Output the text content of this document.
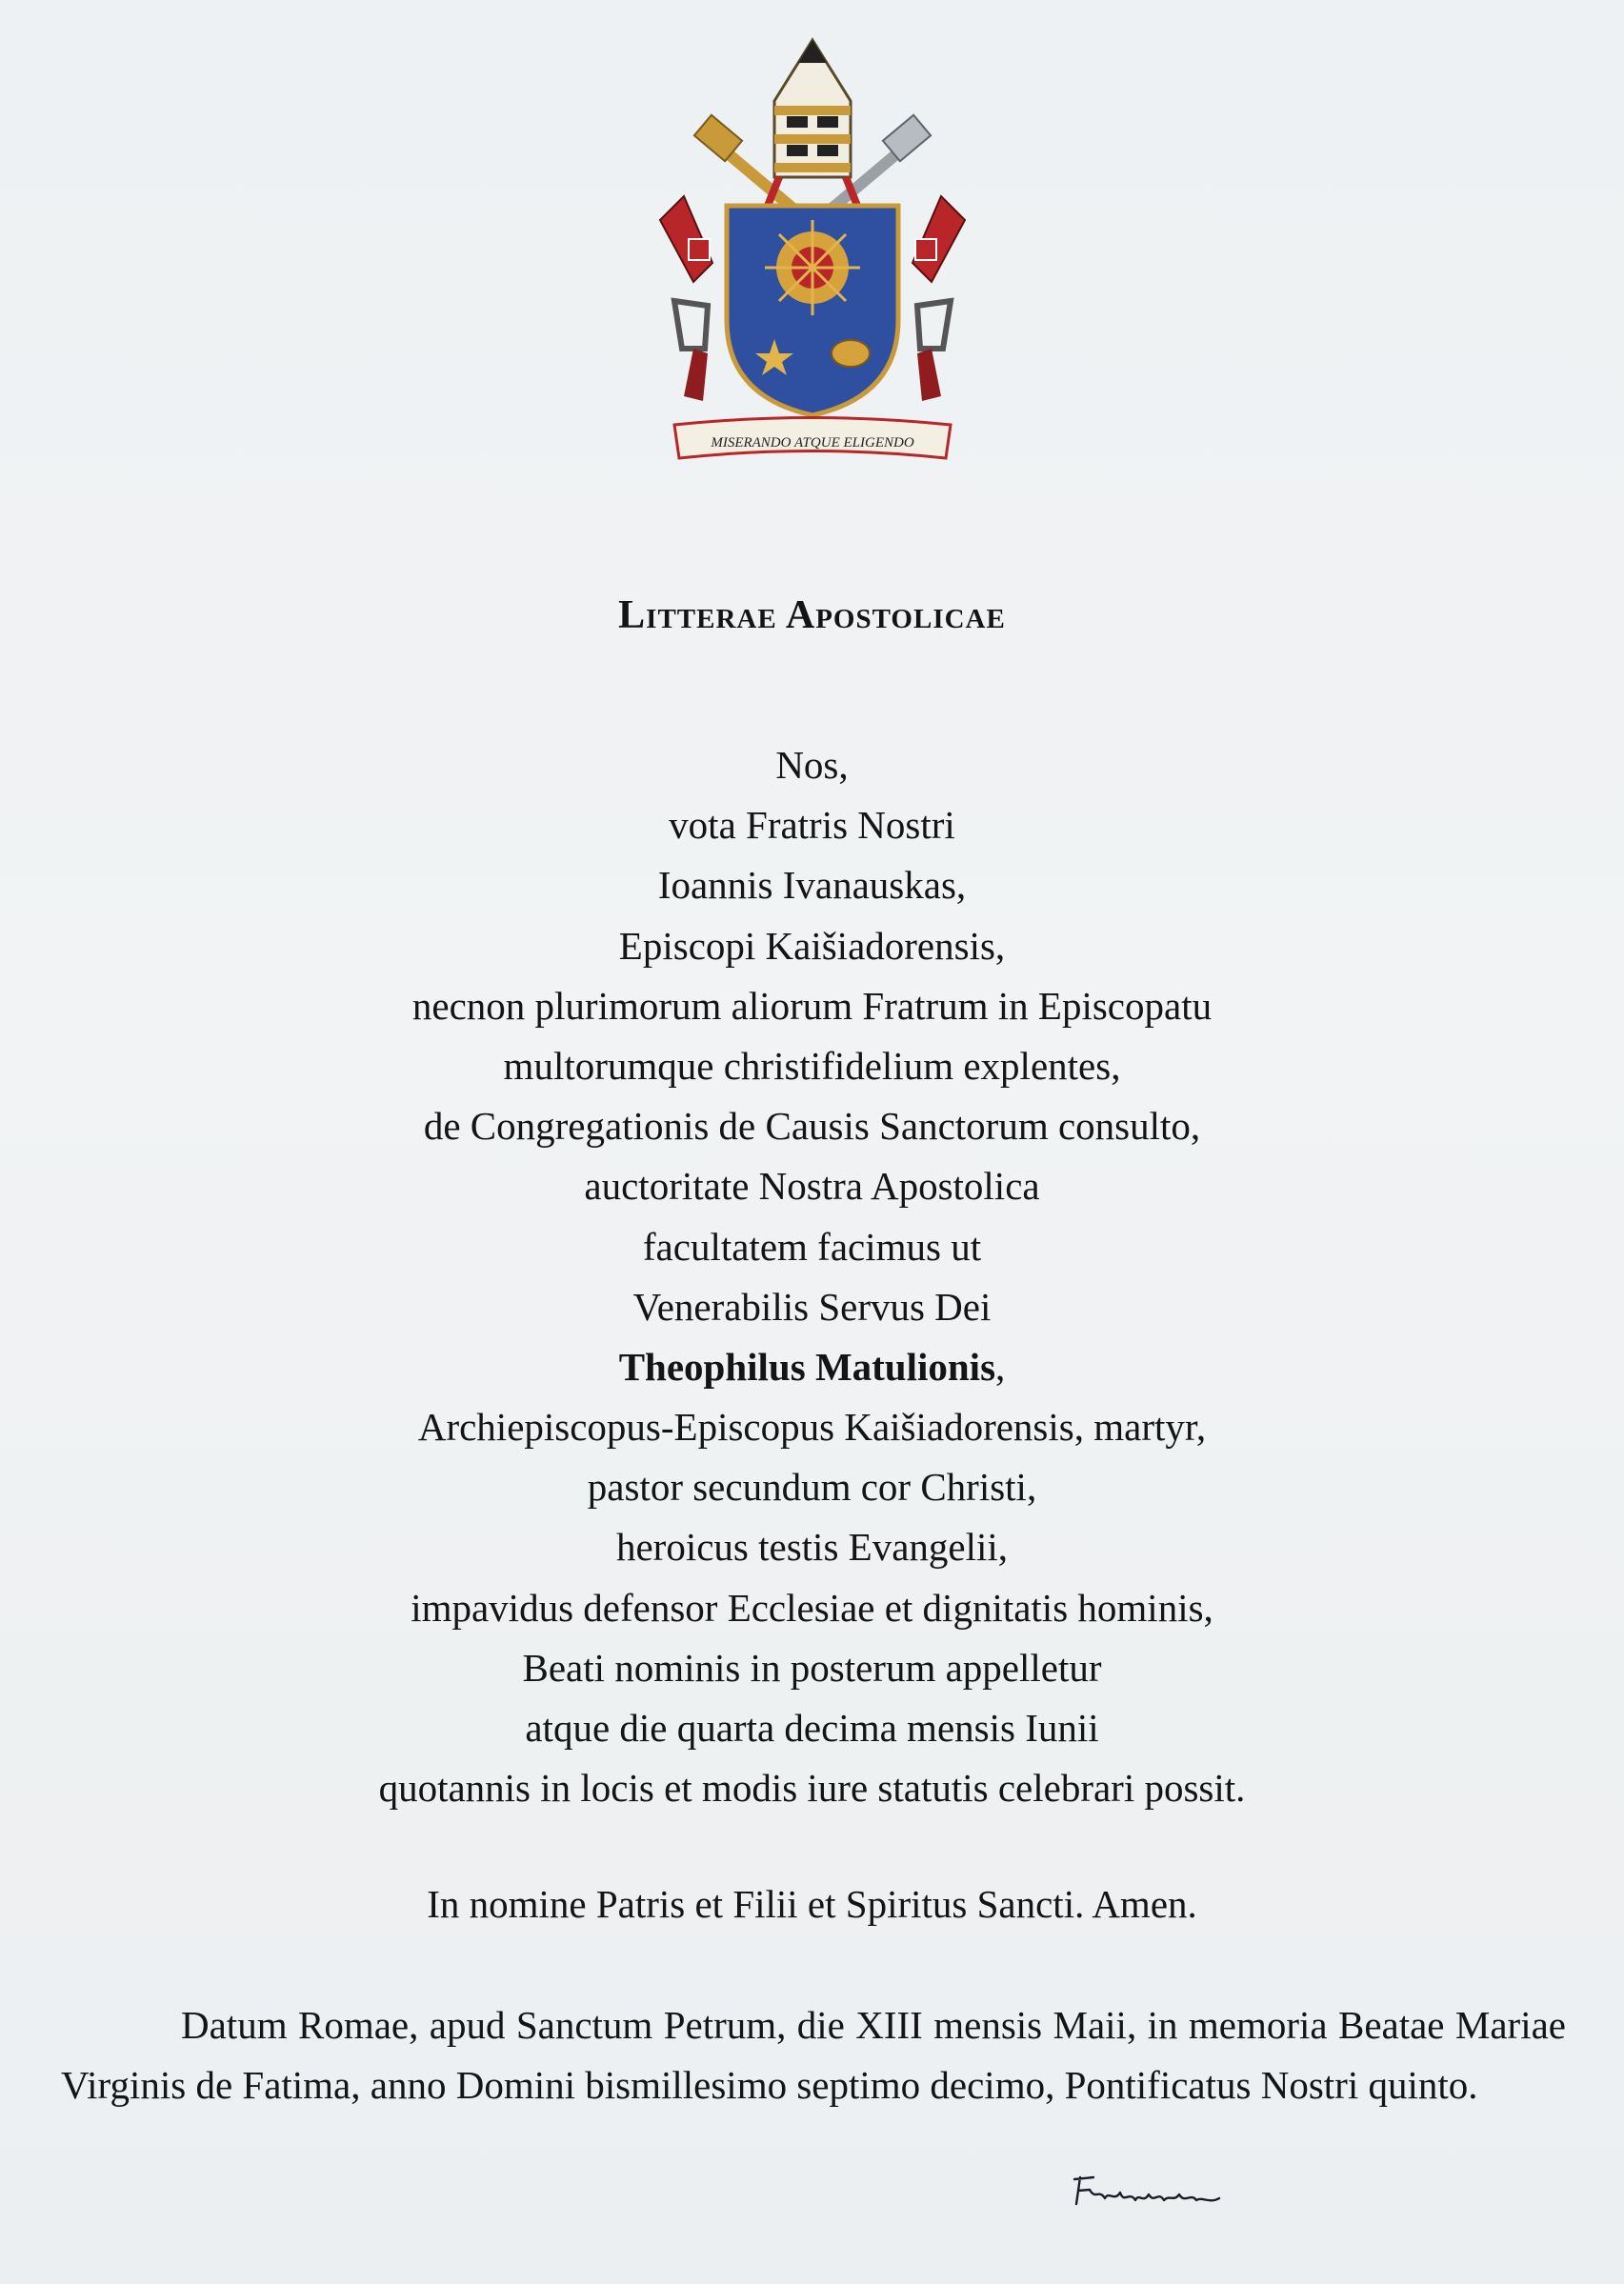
MISERANDO ATQUE ELIGENDO
Litterae Apostolicae
Nos,
vota Fratris Nostri
Ioannis Ivanauskas,
Episcopi Kaišiadorensis,
necnon plurimorum aliorum Fratrum in Episcopatu
multorumque christifidelium explentes,
de Congregationis de Causis Sanctorum consulto,
auctoritate Nostra Apostolica
facultatem facimus ut
Venerabilis Servus Dei
Theophilus Matulionis,
Archiepiscopus-Episcopus Kaišiadorensis, martyr,
pastor secundum cor Christi,
heroicus testis Evangelii,
impavidus defensor Ecclesiae et dignitatis hominis,
Beati nominis in posterum appelletur
atque die quarta decima mensis Iunii
quotannis in locis et modis iure statutis celebrari possit.
In nomine Patris et Filii et Spiritus Sancti. Amen.
Datum Romae, apud Sanctum Petrum, die XIII mensis Maii, in memoria Beatae Mariae Virginis de Fatima, anno Domini bismillesimo septimo decimo, Pontificatus Nostri quinto.
